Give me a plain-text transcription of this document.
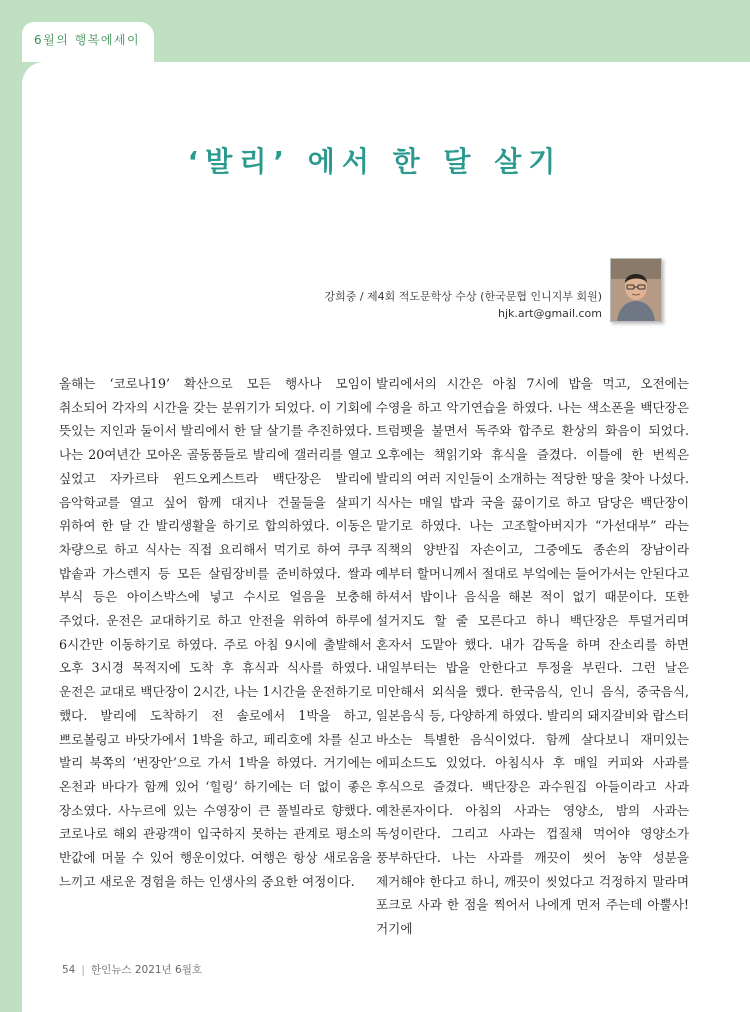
6월의 행복에세이
‘발리’ 에서 한 달 살기
강희중 / 제4회 적도문학상 수상 (한국문협 인니지부 회원)
hjk.art@gmail.com

올해는 ‘코로나19’ 확산으로 모든 행사나 모임이 취소되어 각자의 시간을 갖는 분위기가 되었다. 이 기회에 뜻있는 지인과 둘이서 발리에서 한 달 살기를 추진하였다. 나는 20여년간 모아온 골동품들로 발리에 갤러리를 열고 싶었고 자카르타 윈드오케스트라 백단장은 발리에 음악학교를 열고 싶어 함께 대지나 건물들을 살피기 위하여 한 달 간 발리생활을 하기로 합의하였다. 이동은 차량으로 하고 식사는 직접 요리해서 먹기로 하여 쿠쿠 밥솥과 가스렌지 등 모든 살림장비를 준비하였다. 쌀과 부식 등은 아이스박스에 넣고 수시로 얼음을 보충해 주었다. 운전은 교대하기로 하고 안전을 위하여 하루에 6시간만 이동하기로 하였다. 주로 아침 9시에 출발해서 오후 3시경 목적지에 도착 후 휴식과 식사를 하였다. 운전은 교대로 백단장이 2시간, 나는 1시간을 운전하기로 했다. 발리에 도착하기 전 솔로에서 1박을 하고, 쁘로볼링고 바닷가에서 1박을 하고, 페리호에 차를 싣고 발리 북쪽의 ‘번장안’으로 가서 1박을 하였다. 거기에는 온천과 바다가 함께 있어 ‘힐링’ 하기에는 더 없이 좋은 장소였다. 사누르에 있는 수영장이 큰 풀빌라로 향했다. 코로나로 해외 관광객이 입국하지 못하는 관계로 평소의 반값에 머물 수 있어 행운이었다. 여행은 항상 새로움을 느끼고 새로운 경험을 하는 인생사의 중요한 여정이다.

발리에서의 시간은 아침 7시에 밥을 먹고, 오전에는 수영을 하고 악기연습을 하였다. 나는 색소폰을 백단장은 트럼펫을 불면서 독주와 합주로 환상의 화음이 되었다. 오후에는 책읽기와 휴식을 즐겼다. 이틀에 한 번씩은 발리의 여러 지인들이 소개하는 적당한 땅을 찾아 나섰다. 식사는 매일 밥과 국을 끓이기로 하고 담당은 백단장이 맡기로 하였다. 나는 고조할아버지가 “가선대부” 라는 직책의 양반집 자손이고, 그중에도 종손의 장남이라 예부터 할머니께서 절대로 부엌에는 들어가서는 안된다고 하셔서 밥이나 음식을 해본 적이 없기 때문이다. 또한 설거지도 할 줄 모른다고 하니 백단장은 투덜거리며 혼자서 도맡아 했다. 내가 감독을 하며 잔소리를 하면 내일부터는 밥을 안한다고 투정을 부린다. 그런 날은 미안해서 외식을 했다. 한국음식, 인니 음식, 중국음식, 일본음식 등, 다양하게 하였다. 발리의 돼지갈비와 랍스터 바소는 특별한 음식이었다. 함께 살다보니 재미있는 에피소드도 있었다. 아침식사 후 매일 커피와 사과를 후식으로 즐겼다. 백단장은 과수원집 아들이라고 사과 예찬론자이다. 아침의 사과는 영양소, 밤의 사과는 독성이란다. 그리고 사과는 껍질채 먹어야 영양소가 풍부하단다. 나는 사과를 깨끗이 씻어 농약 성분을 제거해야 한다고 하니, 깨끗이 씻었다고 걱정하지 말라며 포크로 사과 한 점을 찍어서 나에게 먼저 주는데 아뿔사! 거기에

54 | 한인뉴스 2021년 6월호
